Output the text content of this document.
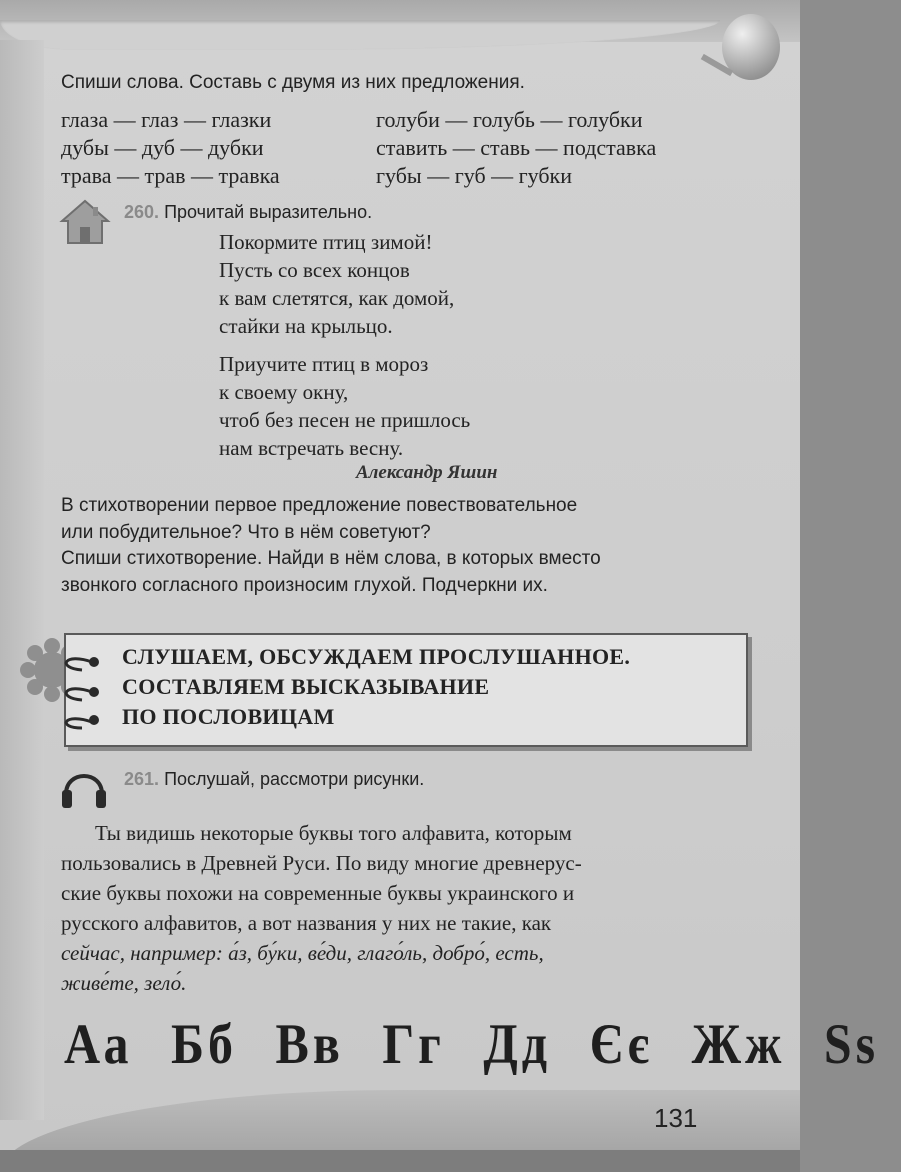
Спиши слова. Составь с двумя из них предложения.
глаза — глаз — глазки
дубы — дуб — дубки
трава — трав — травка
голуби — голубь — голубки
ставить — ставь — подставка
губы — губ — губки
260. Прочитай выразительно.
Покормите птиц зимой!
Пусть со всех концов
к вам слетятся, как домой,
стайки на крыльцо.
Приучите птиц в мороз
к своему окну,
чтоб без песен не пришлось
нам встречать весну.
Александр Яшин
В стихотворении первое предложение повествовательное
или побудительное? Что в нём советуют?
Спиши стихотворение. Найди в нём слова, в которых вместо
звонкого согласного произносим глухой. Подчеркни их.
СЛУШАЕМ, ОБСУЖДАЕМ ПРОСЛУШАННОЕ.
СОСТАВЛЯЕМ ВЫСКАЗЫВАНИЕ
ПО ПОСЛОВИЦАМ
261. Послушай, рассмотри рисунки.
Ты видишь некоторые буквы того алфавита, которым
пользовались в Древней Руси. По виду многие древнерус-
ские буквы похожи на современные буквы украинского и
русского алфавитов, а вот названия у них не такие, как
сейчас, например: а́з, бу́ки, ве́ди, глаго́ль, добро́, есть,
живе́те, зело́.
Аа Бб Вв Гг Дд Єє Жж Ѕѕ
131
